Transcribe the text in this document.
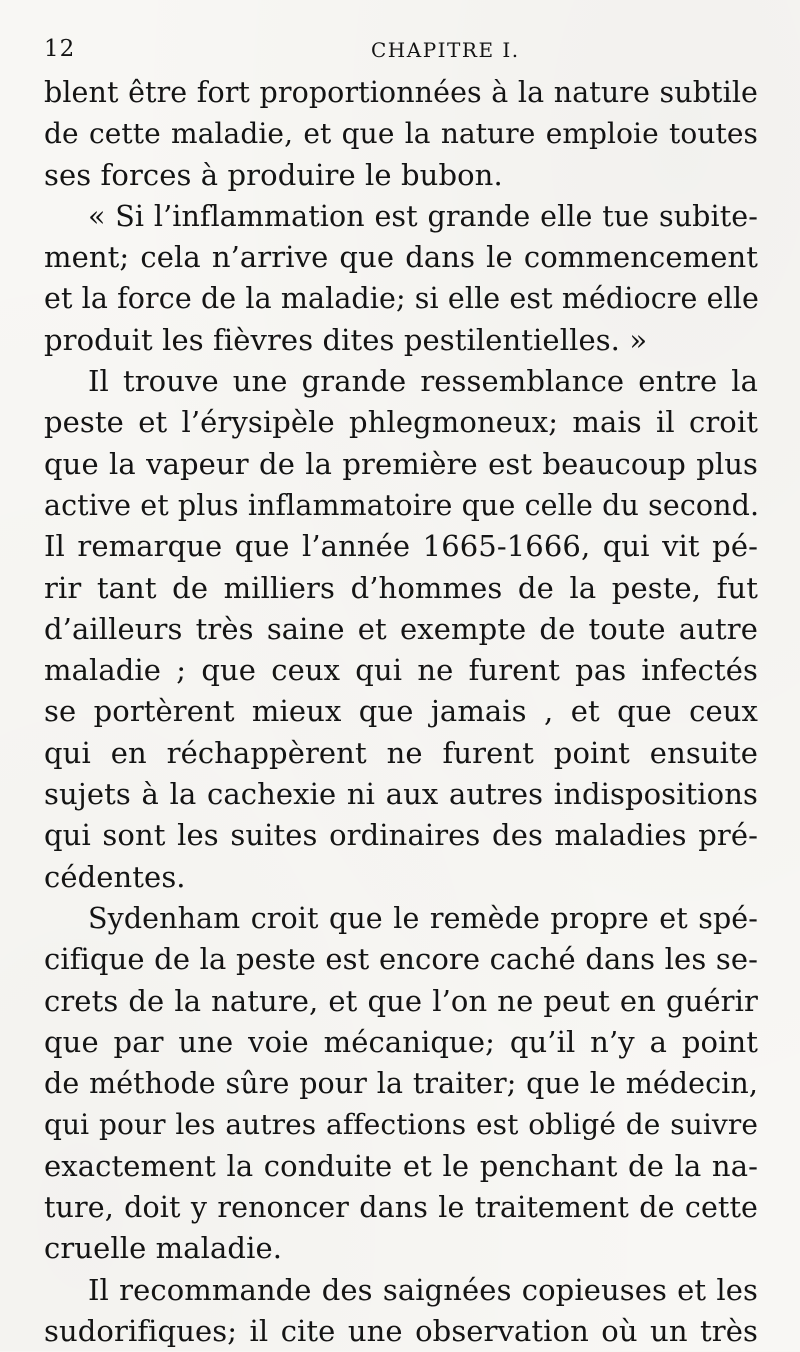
12	CHAPITRE I.
blent être fort proportionnées à la nature subtile
de cette maladie, et que la nature emploie toutes
ses forces à produire le bubon.
« Si l’inflammation est grande elle tue subite-
ment; cela n’arrive que dans le commencement
et la force de la maladie; si elle est médiocre elle
produit les fièvres dites pestilentielles. »
Il trouve une grande ressemblance entre la
peste et l’érysipèle phlegmoneux; mais il croit
que la vapeur de la première est beaucoup plus
active et plus inflammatoire que celle du second.
Il remarque que l’année 1665-1666, qui vit pé-
rir tant de milliers d’hommes de la peste, fut
d’ailleurs très saine et exempte de toute autre
maladie ; que ceux qui ne furent pas infectés
se portèrent mieux que jamais , et que ceux
qui en réchappèrent ne furent point ensuite
sujets à la cachexie ni aux autres indispositions
qui sont les suites ordinaires des maladies pré-
cédentes.
Sydenham croit que le remède propre et spé-
cifique de la peste est encore caché dans les se-
crets de la nature, et que l’on ne peut en guérir
que par une voie mécanique; qu’il n’y a point
de méthode sûre pour la traiter; que le médecin,
qui pour les autres affections est obligé de suivre
exactement la conduite et le penchant de la na-
ture, doit y renoncer dans le traitement de cette
cruelle maladie.
Il recommande des saignées copieuses et les
sudorifiques; il cite une observation où un très
